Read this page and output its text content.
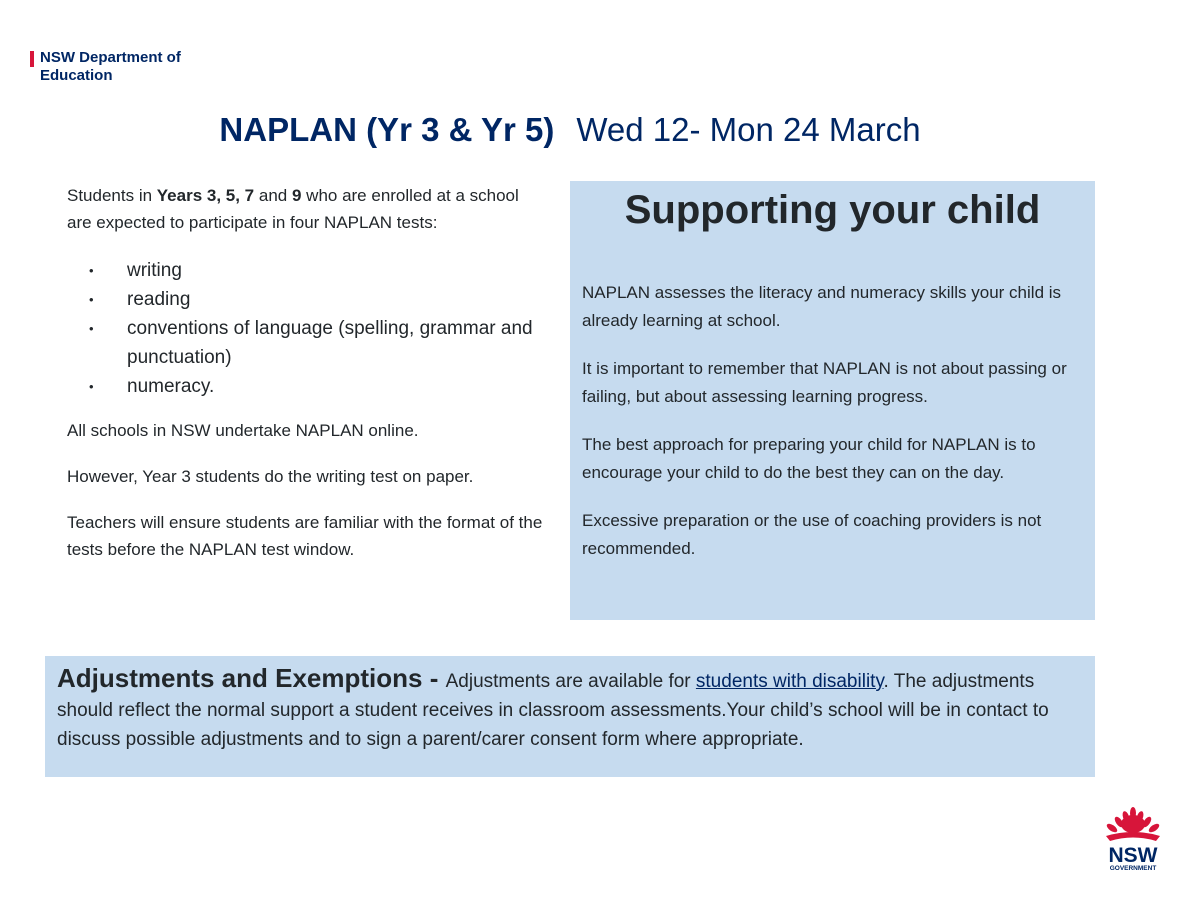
NSW Department of
Education
NAPLAN (Yr 3 & Yr 5) Wed 12- Mon 24 March

Students in Years 3, 5, 7 and 9 who are enrolled at a school are expected to participate in four NAPLAN tests:

• writing
• reading
• conventions of language (spelling, grammar and punctuation)
• numeracy.

All schools in NSW undertake NAPLAN online.

However, Year 3 students do the writing test on paper.

Teachers will ensure students are familiar with the format of the tests before the NAPLAN test window.

Supporting your child

NAPLAN assesses the literacy and numeracy skills your child is already learning at school.

It is important to remember that NAPLAN is not about passing or failing, but about assessing learning progress.

The best approach for preparing your child for NAPLAN is to encourage your child to do the best they can on the day.

Excessive preparation or the use of coaching providers is not recommended.

Adjustments and Exemptions - Adjustments are available for students with disability. The adjustments should reflect the normal support a student receives in classroom assessments.Your child’s school will be in contact to discuss possible adjustments and to sign a parent/carer consent form where appropriate.
NSW
GOVERNMENT
